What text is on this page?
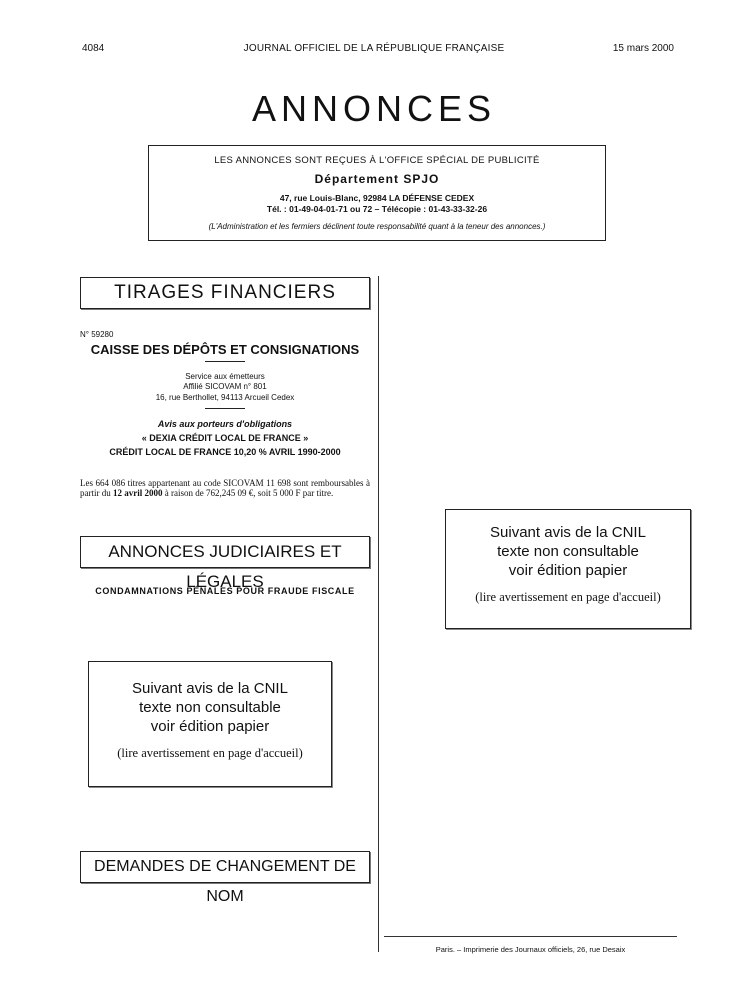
4084	JOURNAL OFFICIEL DE LA RÉPUBLIQUE FRANÇAISE	15 mars 2000
ANNONCES
LES ANNONCES SONT REÇUES À L'OFFICE SPÉCIAL DE PUBLICITÉ
Département SPJO
47, rue Louis-Blanc, 92984 LA DÉFENSE CEDEX
Tél. : 01-49-04-01-71 ou 72 – Télécopie : 01-43-33-32-26
(L'Administration et les fermiers déclinent toute responsabilité quant à la teneur des annonces.)
TIRAGES FINANCIERS
N° 59280
CAISSE DES DÉPÔTS ET CONSIGNATIONS
Service aux émetteurs
Affilié SICOVAM n° 801
16, rue Berthollet, 94113 Arcueil Cedex
Avis aux porteurs d'obligations
« DEXIA CRÉDIT LOCAL DE FRANCE »
CRÉDIT LOCAL DE FRANCE 10,20 % AVRIL 1990-2000
Les 664 086 titres appartenant au code SICOVAM 11 698 sont remboursables à partir du 12 avril 2000 à raison de 762,245 09 €, soit 5 000 F par titre.
ANNONCES JUDICIAIRES ET LÉGALES
CONDAMNATIONS PÉNALES POUR FRAUDE FISCALE
Suivant avis de la CNIL
texte non consultable
voir édition papier
(lire avertissement en page d'accueil)
DEMANDES DE CHANGEMENT DE NOM
Suivant avis de la CNIL
texte non consultable
voir édition papier
(lire avertissement en page d'accueil)
Paris. – Imprimerie des Journaux officiels, 26, rue Desaix
